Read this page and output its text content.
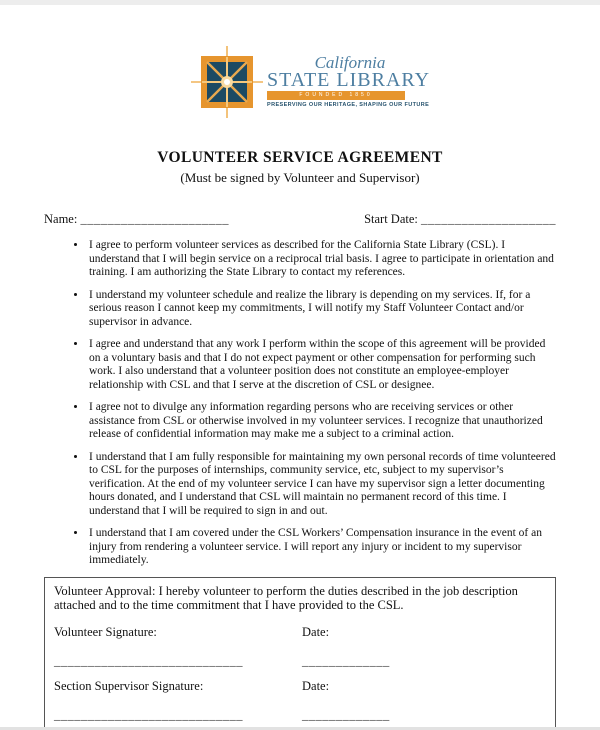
California
STATE LIBRARY
FOUNDED 1850
PRESERVING OUR HERITAGE, SHAPING OUR FUTURE
VOLUNTEER SERVICE AGREEMENT
(Must be signed by Volunteer and Supervisor)
Name: ______________________	Start Date: ____________________
• I agree to perform volunteer services as described for the California State Library (CSL). I understand that I will begin service on a reciprocal trial basis. I agree to participate in orientation and training. I am authorizing the State Library to contact my references.
• I understand my volunteer schedule and realize the library is depending on my services. If, for a serious reason I cannot keep my commitments, I will notify my Staff Volunteer Contact and/or supervisor in advance.
• I agree and understand that any work I perform within the scope of this agreement will be provided on a voluntary basis and that I do not expect payment or other compensation for performing such work. I also understand that a volunteer position does not constitute an employee-employer relationship with CSL and that I serve at the discretion of CSL or designee.
• I agree not to divulge any information regarding persons who are receiving services or other assistance from CSL or otherwise involved in my volunteer services. I recognize that unauthorized release of confidential information may make me a subject to a criminal action.
• I understand that I am fully responsible for maintaining my own personal records of time volunteered to CSL for the purposes of internships, community service, etc, subject to my supervisor’s verification. At the end of my volunteer service I can have my supervisor sign a letter documenting hours donated, and I understand that CSL will maintain no permanent record of this time. I understand that I will be required to sign in and out.
• I understand that I am covered under the CSL Workers’ Compensation insurance in the event of an injury from rendering a volunteer service. I will report any injury or incident to my supervisor immediately.

Volunteer Approval: I hereby volunteer to perform the duties described in the job description attached and to the time commitment that I have provided to the CSL.

Volunteer Signature:	Date:
____________________________	_____________
Section Supervisor Signature:	Date:
____________________________	_____________
